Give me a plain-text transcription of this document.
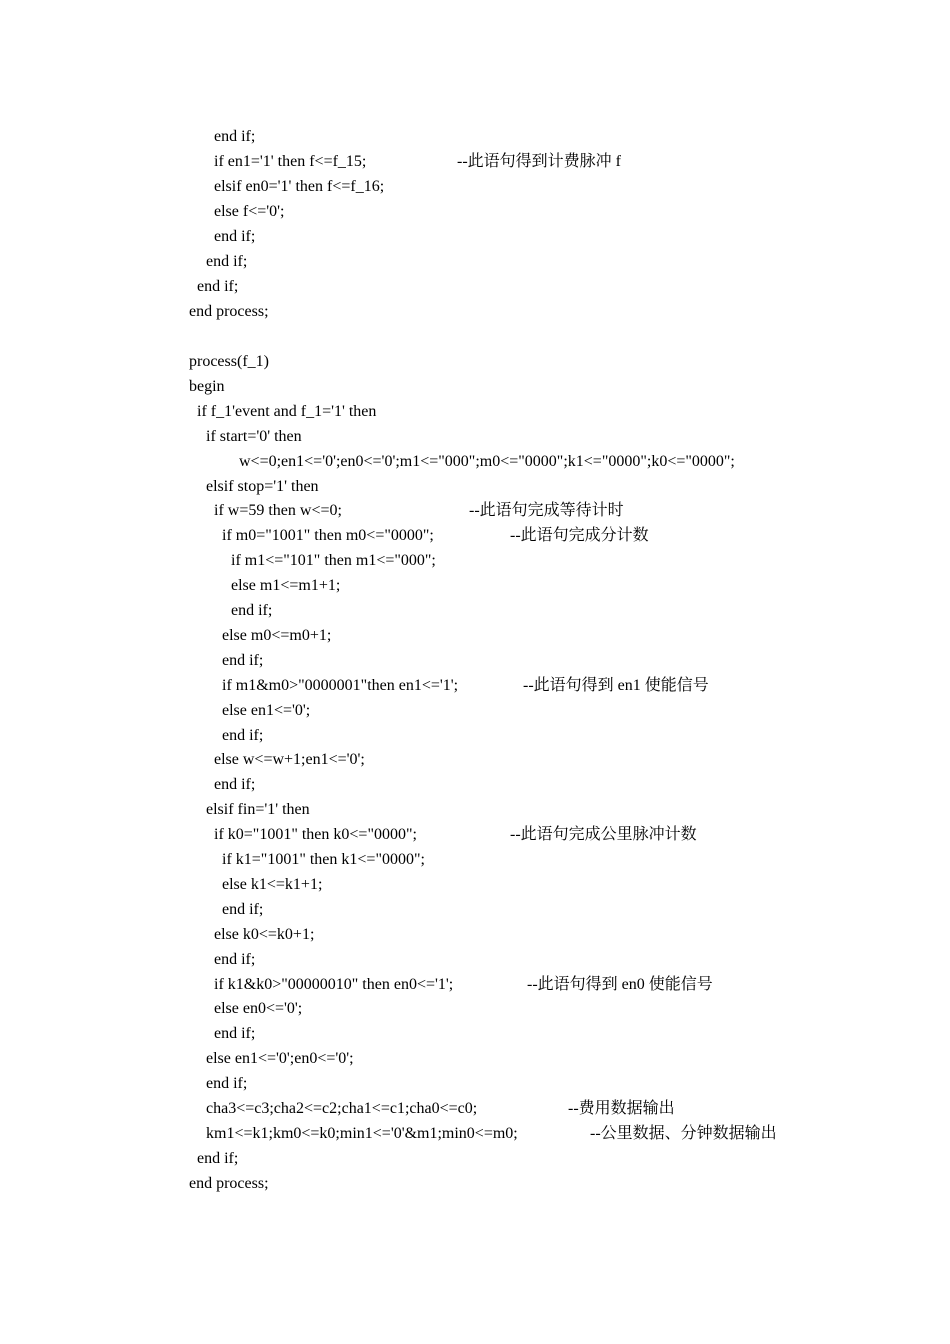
end if;
if en1='1' then f<=f_15;	--此语句得到计费脉冲 f
elsif en0='1' then f<=f_16;
else f<='0';
end if;
end if;
end if;
end process;
process(f_1)
begin
if f_1'event and f_1='1' then
if start='0' then
w<=0;en1<='0';en0<='0';m1<="000";m0<="0000";k1<="0000";k0<="0000";
elsif stop='1' then
if w=59 then w<=0;	--此语句完成等待计时
if m0="1001" then m0<="0000";	--此语句完成分计数
if m1<="101" then m1<="000";
else m1<=m1+1;
end if;
else m0<=m0+1;
end if;
if m1&m0>"0000001"then en1<='1';	--此语句得到 en1 使能信号
else en1<='0';
end if;
else w<=w+1;en1<='0';
end if;
elsif fin='1' then
if k0="1001" then k0<="0000";	--此语句完成公里脉冲计数
if k1="1001" then k1<="0000";
else k1<=k1+1;
end if;
else k0<=k0+1;
end if;
if k1&k0>"00000010" then en0<='1';	--此语句得到 en0 使能信号
else en0<='0';
end if;
else en1<='0';en0<='0';
end if;
cha3<=c3;cha2<=c2;cha1<=c1;cha0<=c0;	--费用数据输出
km1<=k1;km0<=k0;min1<='0'&m1;min0<=m0;	--公里数据、分钟数据输出
end if;
end process;
